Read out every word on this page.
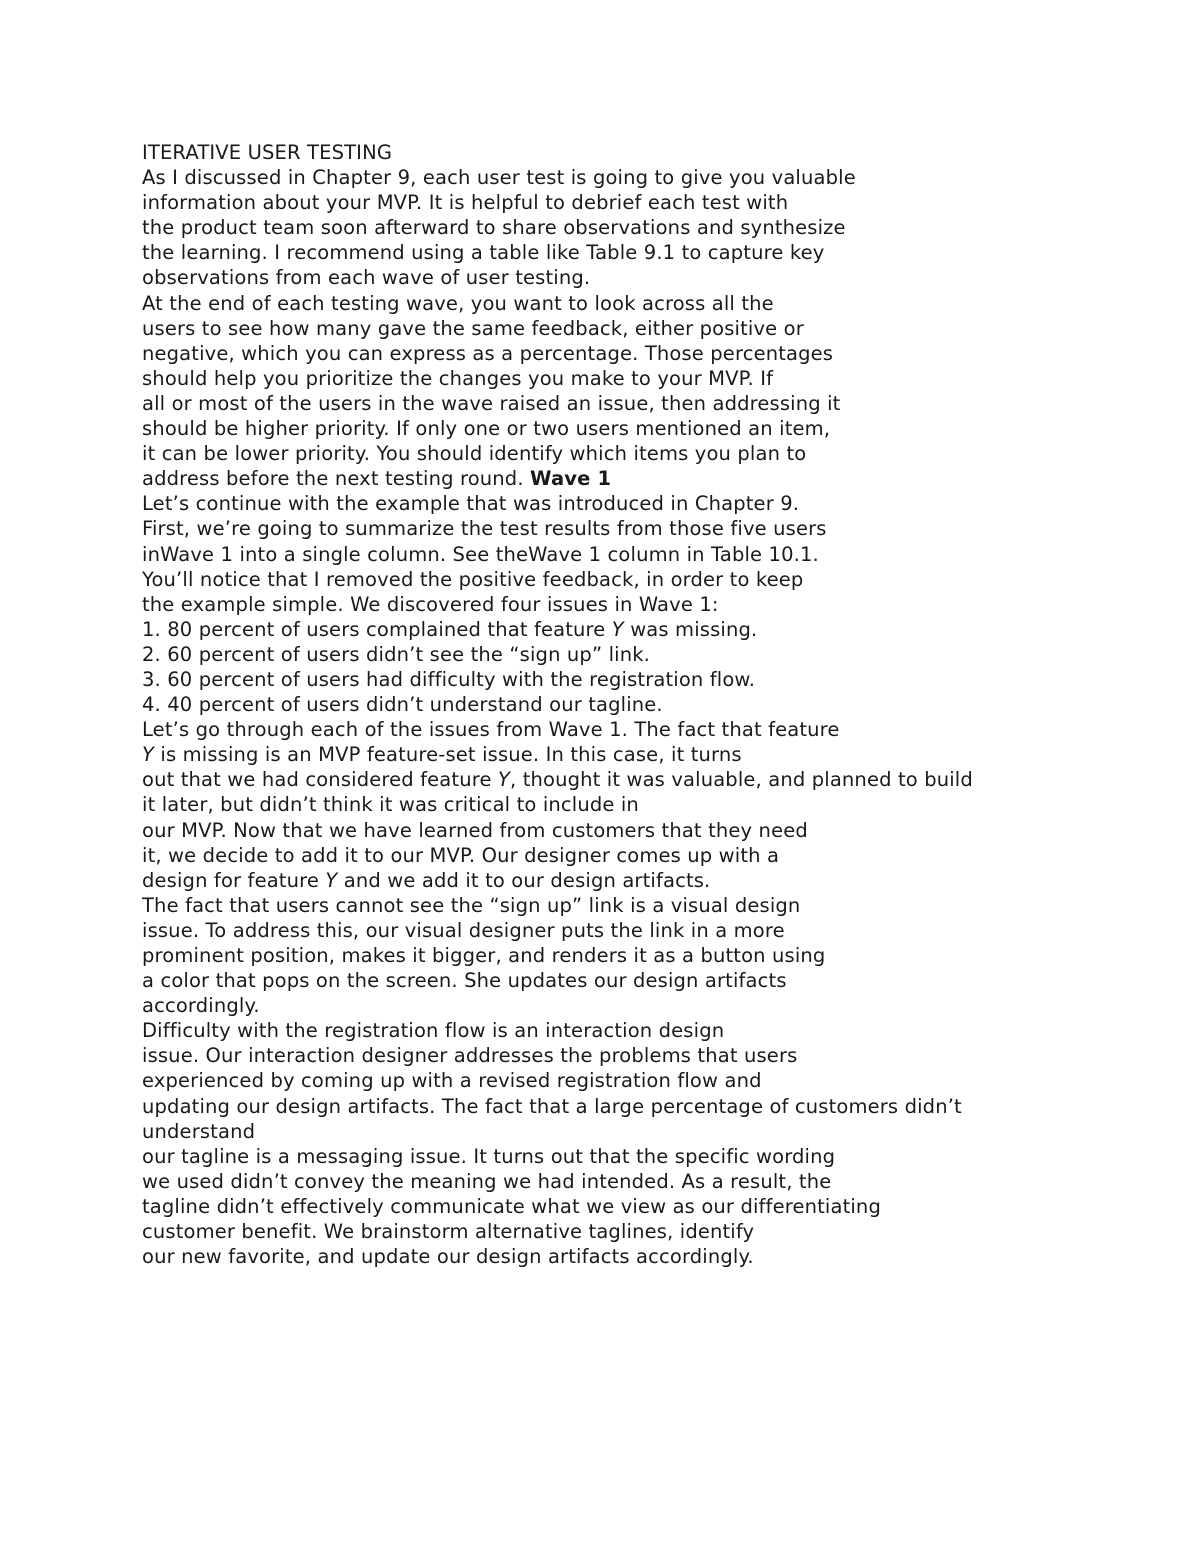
ITERATIVE USER TESTING
As I discussed in Chapter 9, each user test is going to give you valuable
information about your MVP. It is helpful to debrief each test with
the product team soon afterward to share observations and synthesize
the learning. I recommend using a table like Table 9.1 to capture key
observations from each wave of user testing.
At the end of each testing wave, you want to look across all the
users to see how many gave the same feedback, either positive or
negative, which you can express as a percentage. Those percentages
should help you prioritize the changes you make to your MVP. If
all or most of the users in the wave raised an issue, then addressing it
should be higher priority. If only one or two users mentioned an item,
it can be lower priority. You should identify which items you plan to
address before the next testing round. Wave 1
Let’s continue with the example that was introduced in Chapter 9.
First, we’re going to summarize the test results from those five users
inWave 1 into a single column. See theWave 1 column in Table 10.1.
You’ll notice that I removed the positive feedback, in order to keep
the example simple. We discovered four issues in Wave 1:
1. 80 percent of users complained that feature Y was missing.
2. 60 percent of users didn’t see the “sign up” link.
3. 60 percent of users had difficulty with the registration flow.
4. 40 percent of users didn’t understand our tagline.
Let’s go through each of the issues from Wave 1. The fact that feature
Y is missing is an MVP feature-set issue. In this case, it turns
out that we had considered feature Y, thought it was valuable, and planned to build
it later, but didn’t think it was critical to include in
our MVP. Now that we have learned from customers that they need
it, we decide to add it to our MVP. Our designer comes up with a
design for feature Y and we add it to our design artifacts.
The fact that users cannot see the “sign up” link is a visual design
issue. To address this, our visual designer puts the link in a more
prominent position, makes it bigger, and renders it as a button using
a color that pops on the screen. She updates our design artifacts
accordingly.
Difficulty with the registration flow is an interaction design
issue. Our interaction designer addresses the problems that users
experienced by coming up with a revised registration flow and
updating our design artifacts. The fact that a large percentage of customers didn’t
understand
our tagline is a messaging issue. It turns out that the specific wording
we used didn’t convey the meaning we had intended. As a result, the
tagline didn’t effectively communicate what we view as our differentiating
customer benefit. We brainstorm alternative taglines, identify
our new favorite, and update our design artifacts accordingly.
